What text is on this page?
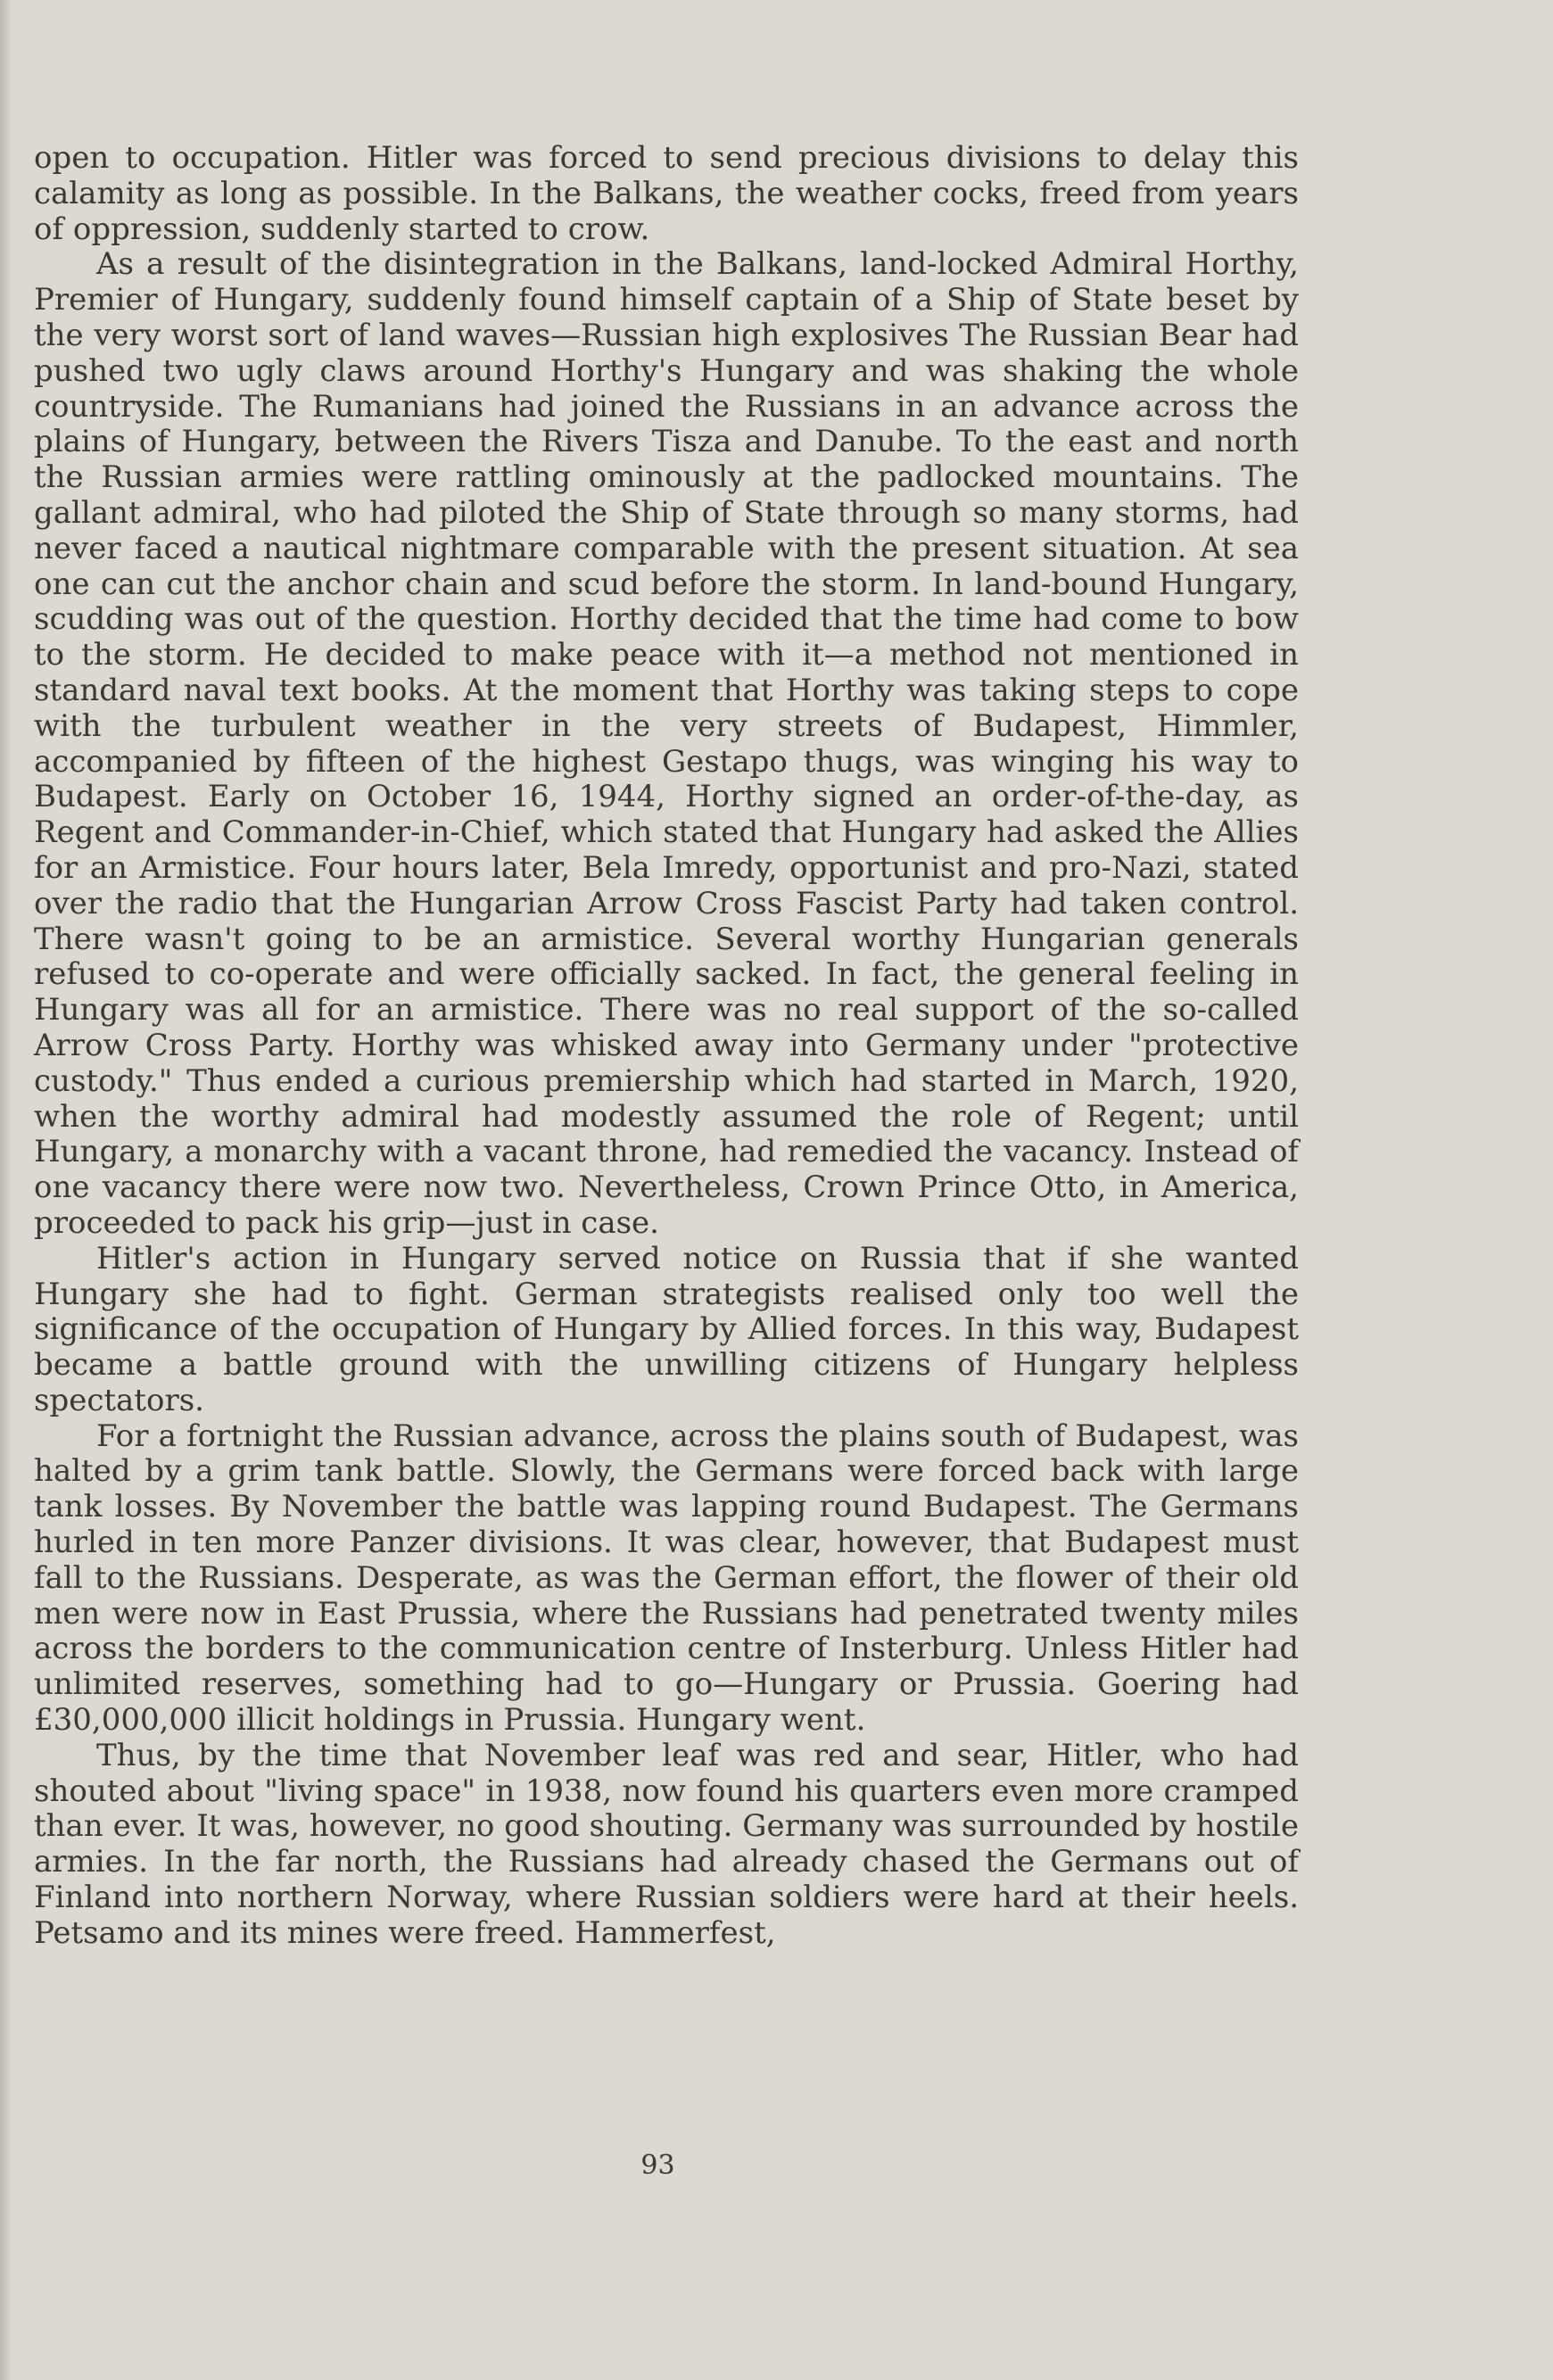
open to occupation. Hitler was forced to send precious divisions to delay this calamity as long as possible. In the Balkans, the weather cocks, freed from years of oppression, suddenly started to crow.

As a result of the disintegration in the Balkans, land-locked Admiral Horthy, Premier of Hungary, suddenly found himself captain of a Ship of State beset by the very worst sort of land waves—Russian high explosives The Russian Bear had pushed two ugly claws around Horthy's Hungary and was shaking the whole countryside. The Rumanians had joined the Russians in an advance across the plains of Hungary, between the Rivers Tisza and Danube. To the east and north the Russian armies were rattling ominously at the padlocked mountains. The gallant admiral, who had piloted the Ship of State through so many storms, had never faced a nautical nightmare comparable with the present situation. At sea one can cut the anchor chain and scud before the storm. In land-bound Hungary, scudding was out of the question. Horthy decided that the time had come to bow to the storm. He decided to make peace with it—a method not mentioned in standard naval text books. At the moment that Horthy was taking steps to cope with the turbulent weather in the very streets of Budapest, Himmler, accompanied by fifteen of the highest Gestapo thugs, was winging his way to Budapest. Early on October 16, 1944, Horthy signed an order-of-the-day, as Regent and Commander-in-Chief, which stated that Hungary had asked the Allies for an Armistice. Four hours later, Bela Imredy, opportunist and pro-Nazi, stated over the radio that the Hungarian Arrow Cross Fascist Party had taken control. There wasn't going to be an armistice. Several worthy Hungarian generals refused to co-operate and were officially sacked. In fact, the general feeling in Hungary was all for an armistice. There was no real support of the so-called Arrow Cross Party. Horthy was whisked away into Germany under "protective custody." Thus ended a curious premiership which had started in March, 1920, when the worthy admiral had modestly assumed the role of Regent; until Hungary, a monarchy with a vacant throne, had remedied the vacancy. Instead of one vacancy there were now two. Nevertheless, Crown Prince Otto, in America, proceeded to pack his grip—just in case.

Hitler's action in Hungary served notice on Russia that if she wanted Hungary she had to fight. German strategists realised only too well the significance of the occupation of Hungary by Allied forces. In this way, Budapest became a battle ground with the unwilling citizens of Hungary helpless spectators.

For a fortnight the Russian advance, across the plains south of Budapest, was halted by a grim tank battle. Slowly, the Germans were forced back with large tank losses. By November the battle was lapping round Budapest. The Germans hurled in ten more Panzer divisions. It was clear, however, that Budapest must fall to the Russians. Desperate, as was the German effort, the flower of their old men were now in East Prussia, where the Russians had penetrated twenty miles across the borders to the communication centre of Insterburg. Unless Hitler had unlimited reserves, something had to go—Hungary or Prussia. Goering had £30,000,000 illicit holdings in Prussia. Hungary went.

Thus, by the time that November leaf was red and sear, Hitler, who had shouted about "living space" in 1938, now found his quarters even more cramped than ever. It was, however, no good shouting. Germany was surrounded by hostile armies. In the far north, the Russians had already chased the Germans out of Finland into northern Norway, where Russian soldiers were hard at their heels. Petsamo and its mines were freed. Hammerfest,

93
